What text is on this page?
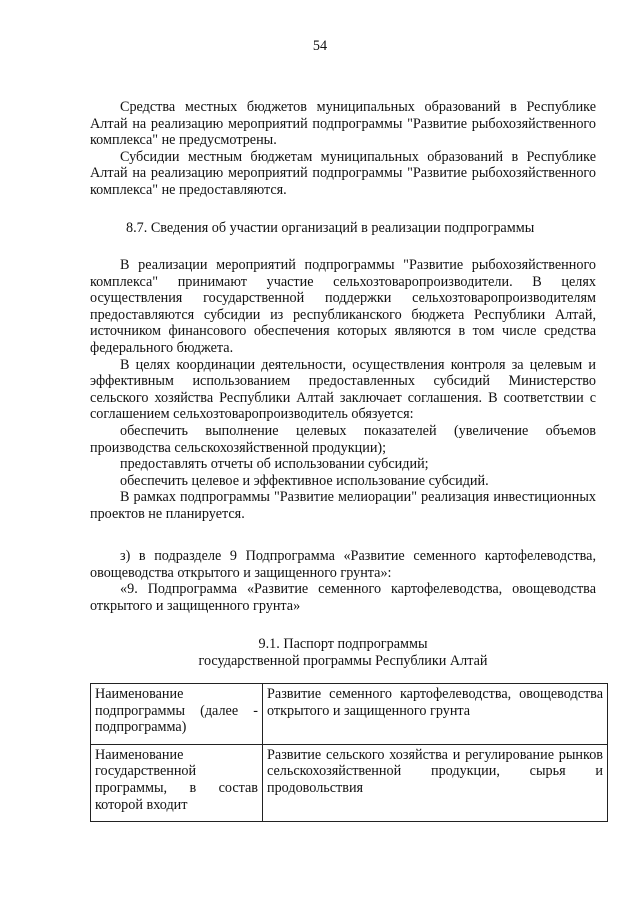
54

Средства местных бюджетов муниципальных образований в Республике Алтай на реализацию мероприятий подпрограммы "Развитие рыбохозяйственного комплекса" не предусмотрены.

Субсидии местным бюджетам муниципальных образований в Республике Алтай на реализацию мероприятий подпрограммы "Развитие рыбохозяйственного комплекса" не предоставляются.

8.7. Сведения об участии организаций в реализации подпрограммы

В реализации мероприятий подпрограммы "Развитие рыбохозяйственного комплекса" принимают участие сельхозтоваропроизводители. В целях осуществления государственной поддержки сельхозтоваропроизводителям предоставляются субсидии из республиканского бюджета Республики Алтай, источником финансового обеспечения которых являются в том числе средства федерального бюджета.

В целях координации деятельности, осуществления контроля за целевым и эффективным использованием предоставленных субсидий Министерство сельского хозяйства Республики Алтай заключает соглашения. В соответствии с соглашением сельхозтоваропроизводитель обязуется:

обеспечить выполнение целевых показателей (увеличение объемов производства сельскохозяйственной продукции);

предоставлять отчеты об использовании субсидий;

обеспечить целевое и эффективное использование субсидий.

В рамках подпрограммы "Развитие мелиорации" реализация инвестиционных проектов не планируется.

з) в подразделе 9 Подпрограмма «Развитие семенного картофелеводства, овощеводства открытого и защищенного грунта»:

«9. Подпрограмма «Развитие семенного картофелеводства, овощеводства открытого и защищенного грунта»

9.1. Паспорт подпрограммы
государственной программы Республики Алтай
Наименование подпрограммы (далее - подпрограмма)	Развитие семенного картофелеводства, овощеводства открытого и защищенного грунта
Наименование государственной программы, в состав которой входит	Развитие сельского хозяйства и регулирование рынков сельскохозяйственной продукции, сырья и продовольствия
